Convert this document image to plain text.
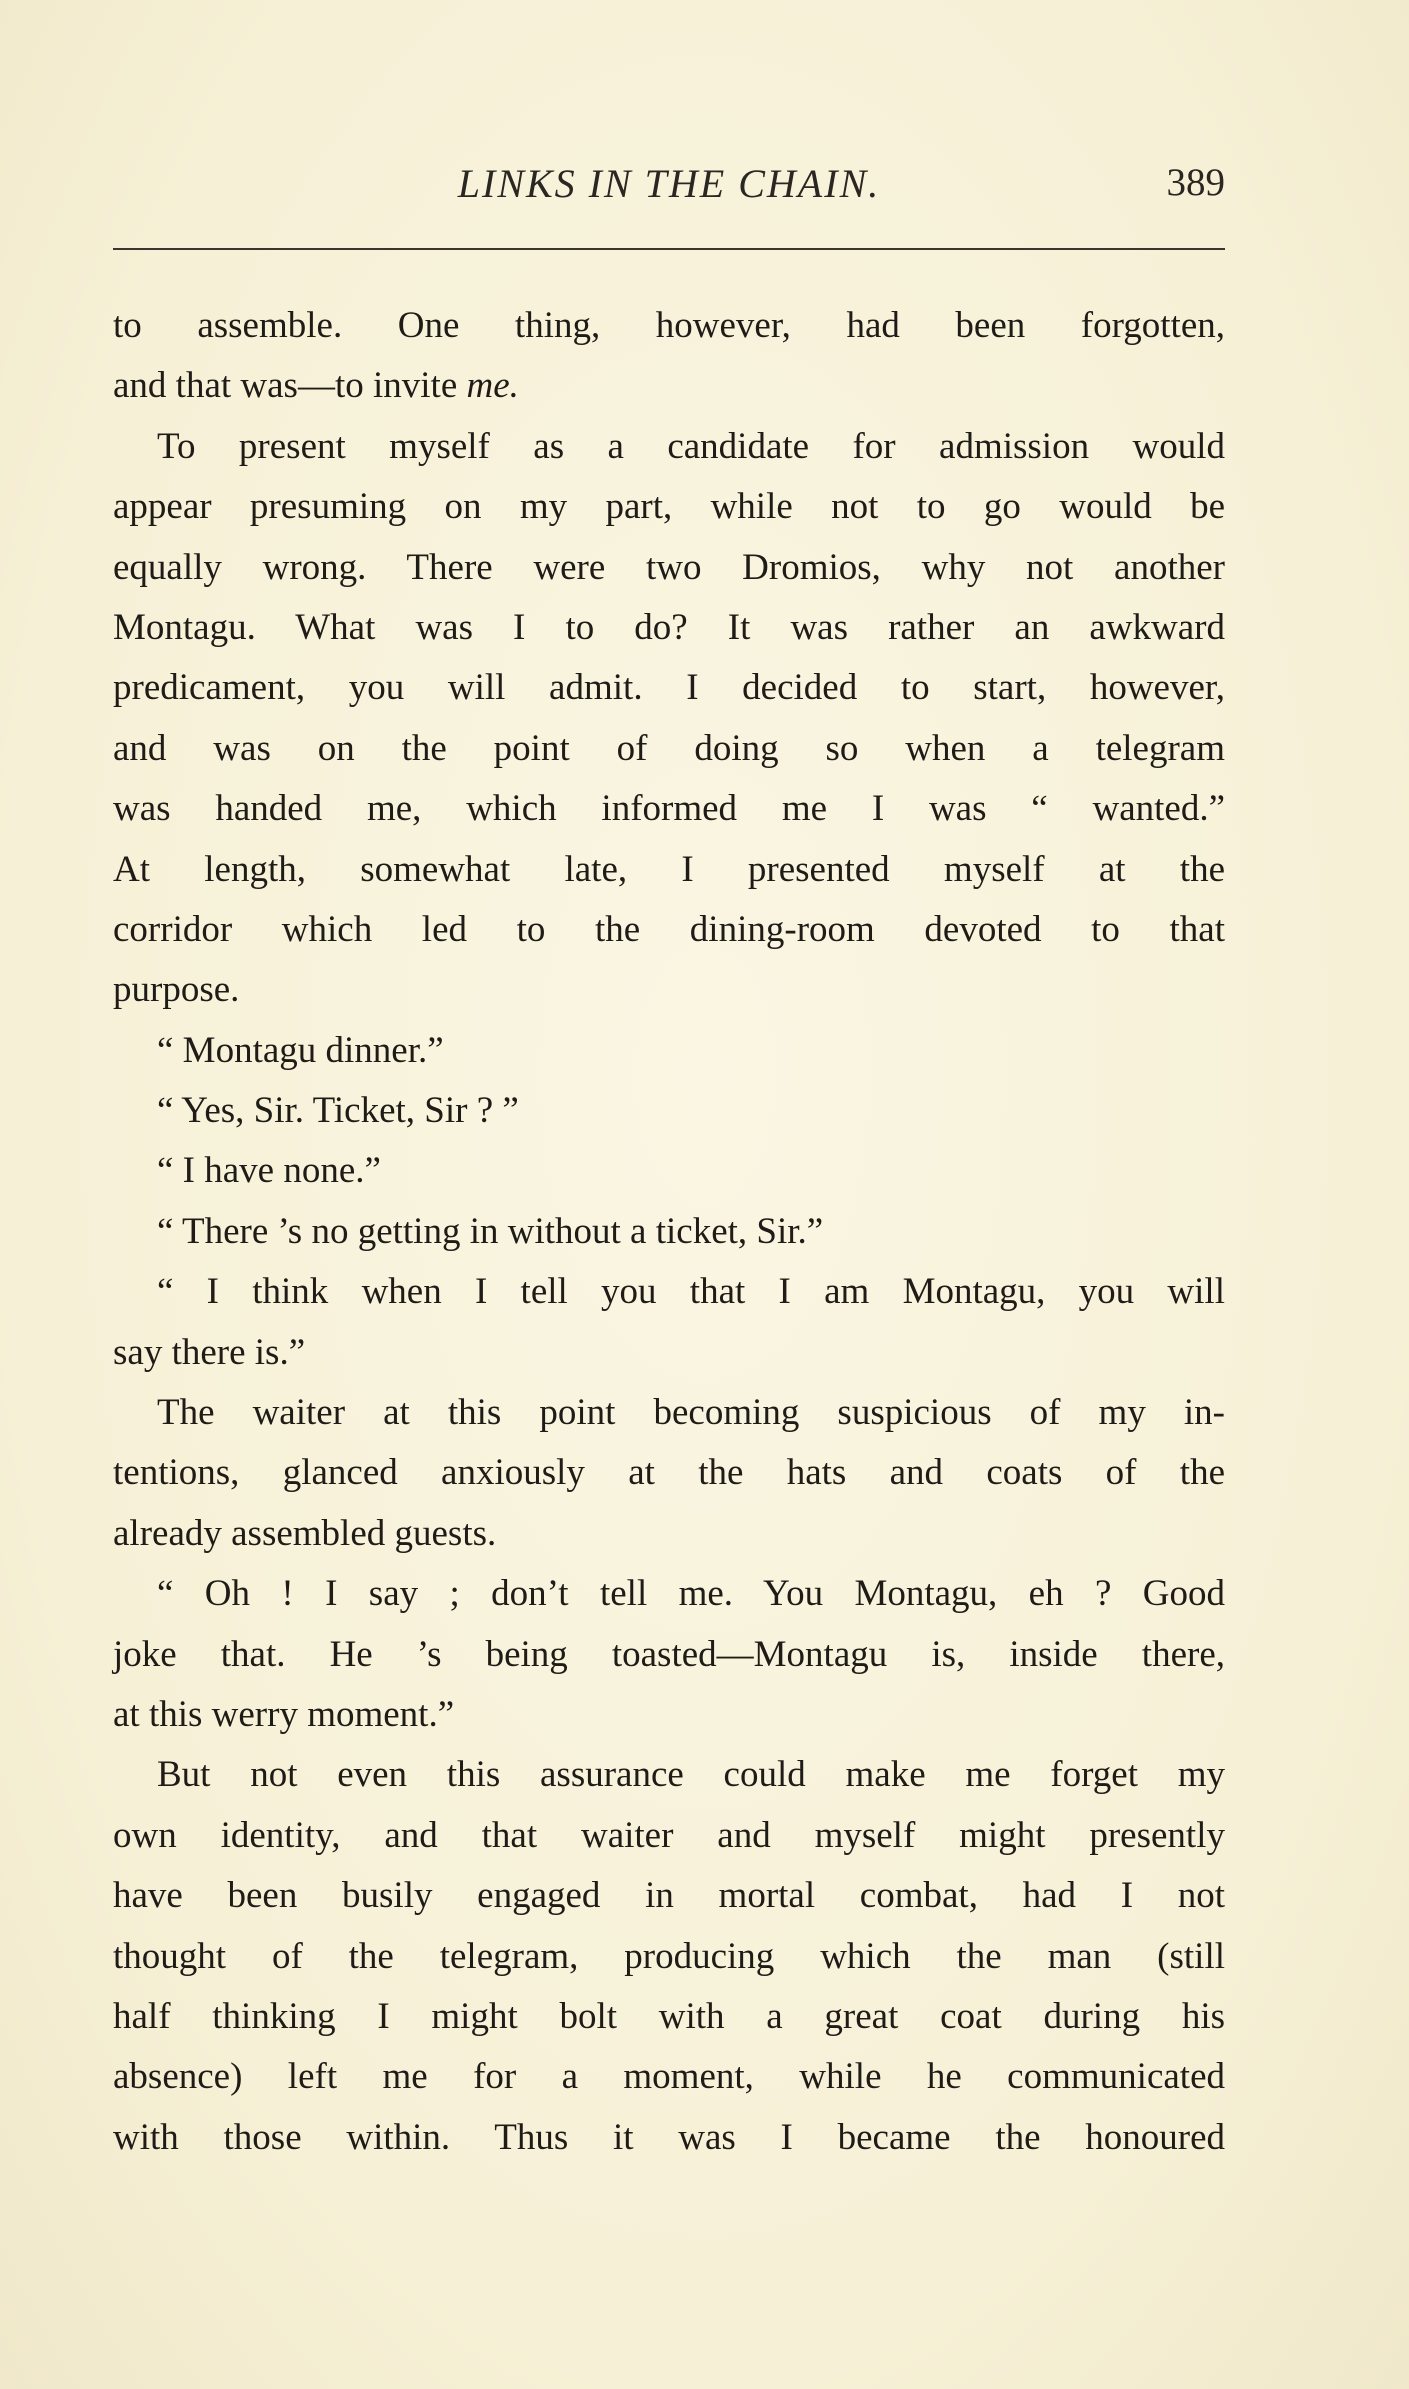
LINKS IN THE CHAIN.	389
to assemble. One thing, however, had been forgotten,
and that was—to invite me.
To present myself as a candidate for admission would
appear presuming on my part, while not to go would be
equally wrong. There were two Dromios, why not another
Montagu. What was I to do? It was rather an awkward
predicament, you will admit. I decided to start, however,
and was on the point of doing so when a telegram
was handed me, which informed me I was “ wanted.”
At length, somewhat late, I presented myself at the
corridor which led to the dining-room devoted to that
purpose.
“ Montagu dinner.”
“ Yes, Sir. Ticket, Sir ? ”
“ I have none.”
“ There ’s no getting in without a ticket, Sir.”
“ I think when I tell you that I am Montagu, you will
say there is.”
The waiter at this point becoming suspicious of my in-
tentions, glanced anxiously at the hats and coats of the
already assembled guests.
“ Oh ! I say ; don’t tell me. You Montagu, eh ? Good
joke that. He ’s being toasted—Montagu is, inside there,
at this werry moment.”
But not even this assurance could make me forget my
own identity, and that waiter and myself might presently
have been busily engaged in mortal combat, had I not
thought of the telegram, producing which the man (still
half thinking I might bolt with a great coat during his
absence) left me for a moment, while he communicated
with those within. Thus it was I became the honoured
